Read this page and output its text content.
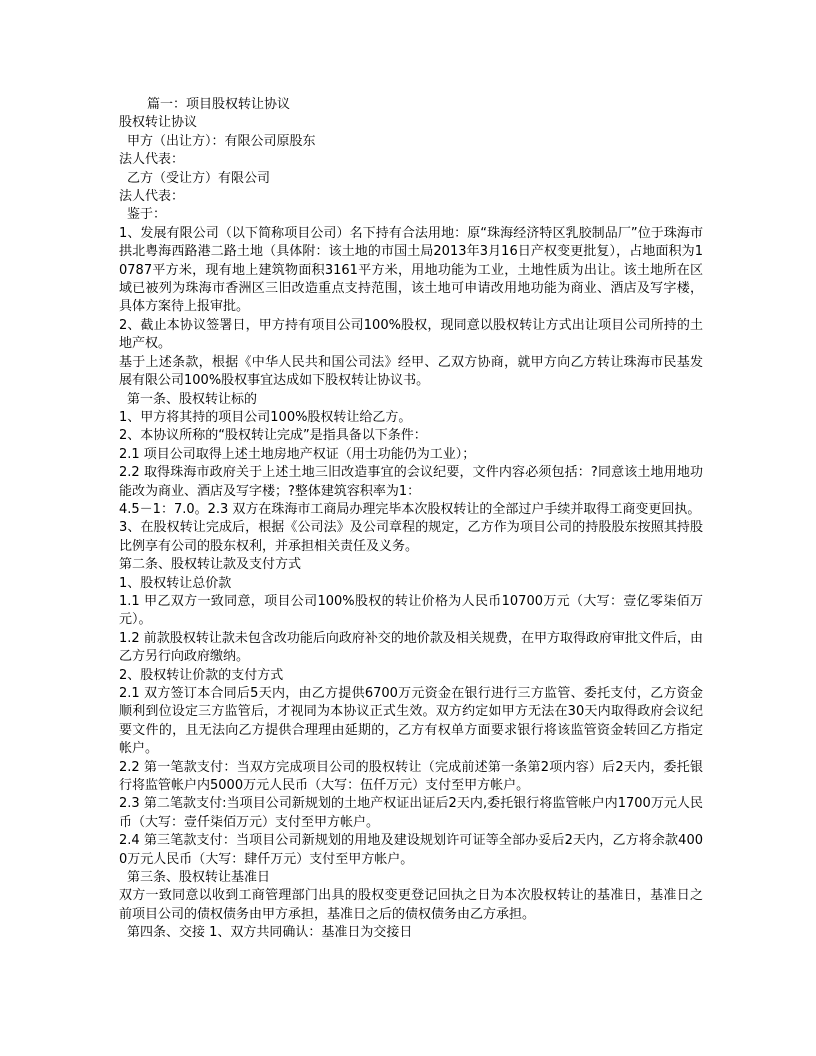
篇一：项目股权转让协议

股权转让协议

甲方（出让方）：有限公司原股东

法人代表：

乙方（受让方）有限公司

法人代表：

鉴于：

1、发展有限公司（以下简称项目公司）名下持有合法用地：原“珠海经济特区乳胶制品厂”位于珠海市拱北粤海西路港二路土地（具体附：该土地的市国土局2013年3月16日产权变更批复），占地面积为10787平方米，现有地上建筑物面积3161平方米，用地功能为工业，土地性质为出让。该土地所在区域已被列为珠海市香洲区三旧改造重点支持范围，该土地可申请改用地功能为商业、酒店及写字楼，具体方案待上报审批。

2、截止本协议签署日，甲方持有项目公司100%股权，现同意以股权转让方式出让项目公司所持的土地产权。

基于上述条款，根据《中华人民共和国公司法》经甲、乙双方协商，就甲方向乙方转让珠海市民基发展有限公司100%股权事宜达成如下股权转让协议书。

第一条、股权转让标的

1、甲方将其持的项目公司100%股权转让给乙方。

2、本协议所称的“股权转让完成”是指具备以下条件：

2.1 项目公司取得上述土地房地产权证（用士功能仍为工业）；

2.2 取得珠海市政府关于上述土地三旧改造事宜的会议纪要，文件内容必须包括：?同意该土地用地功能改为商业、酒店及写字楼；?整体建筑容积率为1：

4.5－1：7.0。2.3 双方在珠海市工商局办理完毕本次股权转让的全部过户手续并取得工商变更回执。

3、在股权转让完成后，根据《公司法》及公司章程的规定，乙方作为项目公司的持股股东按照其持股比例享有公司的股东权利，并承担相关责任及义务。

第二条、股权转让款及支付方式

1、股权转让总价款

1.1 甲乙双方一致同意，项目公司100%股权的转让价格为人民币10700万元（大写：壹亿零柒佰万元）。

1.2 前款股权转让款未包含改功能后向政府补交的地价款及相关规费，在甲方取得政府审批文件后，由乙方另行向政府缴纳。

2、股权转让价款的支付方式

2.1 双方签订本合同后5天内，由乙方提供6700万元资金在银行进行三方监管、委托支付，乙方资金顺利到位设定三方监管后，才视同为本协议正式生效。双方约定如甲方无法在30天内取得政府会议纪要文件的，且无法向乙方提供合理理由延期的，乙方有权单方面要求银行将该监管资金转回乙方指定帐户。

2.2 第一笔款支付：当双方完成项目公司的股权转让（完成前述第一条第2项内容）后2天内，委托银行将监管帐户内5000万元人民币（大写：伍仟万元）支付至甲方帐户。

2.3 第二笔款支付:当项目公司新规划的土地产权证出证后2天内,委托银行将监管帐户内1700万元人民币（大写：壹仟柒佰万元）支付至甲方帐户。

2.4 第三笔款支付：当项目公司新规划的用地及建设规划许可证等全部办妥后2天内，乙方将余款4000万元人民币（大写：肆仟万元）支付至甲方帐户。

第三条、股权转让基准日

双方一致同意以收到工商管理部门出具的股权变更登记回执之日为本次股权转让的基准日，基准日之前项目公司的债权债务由甲方承担，基准日之后的债权债务由乙方承担。

第四条、交接 1、双方共同确认：基准日为交接日
